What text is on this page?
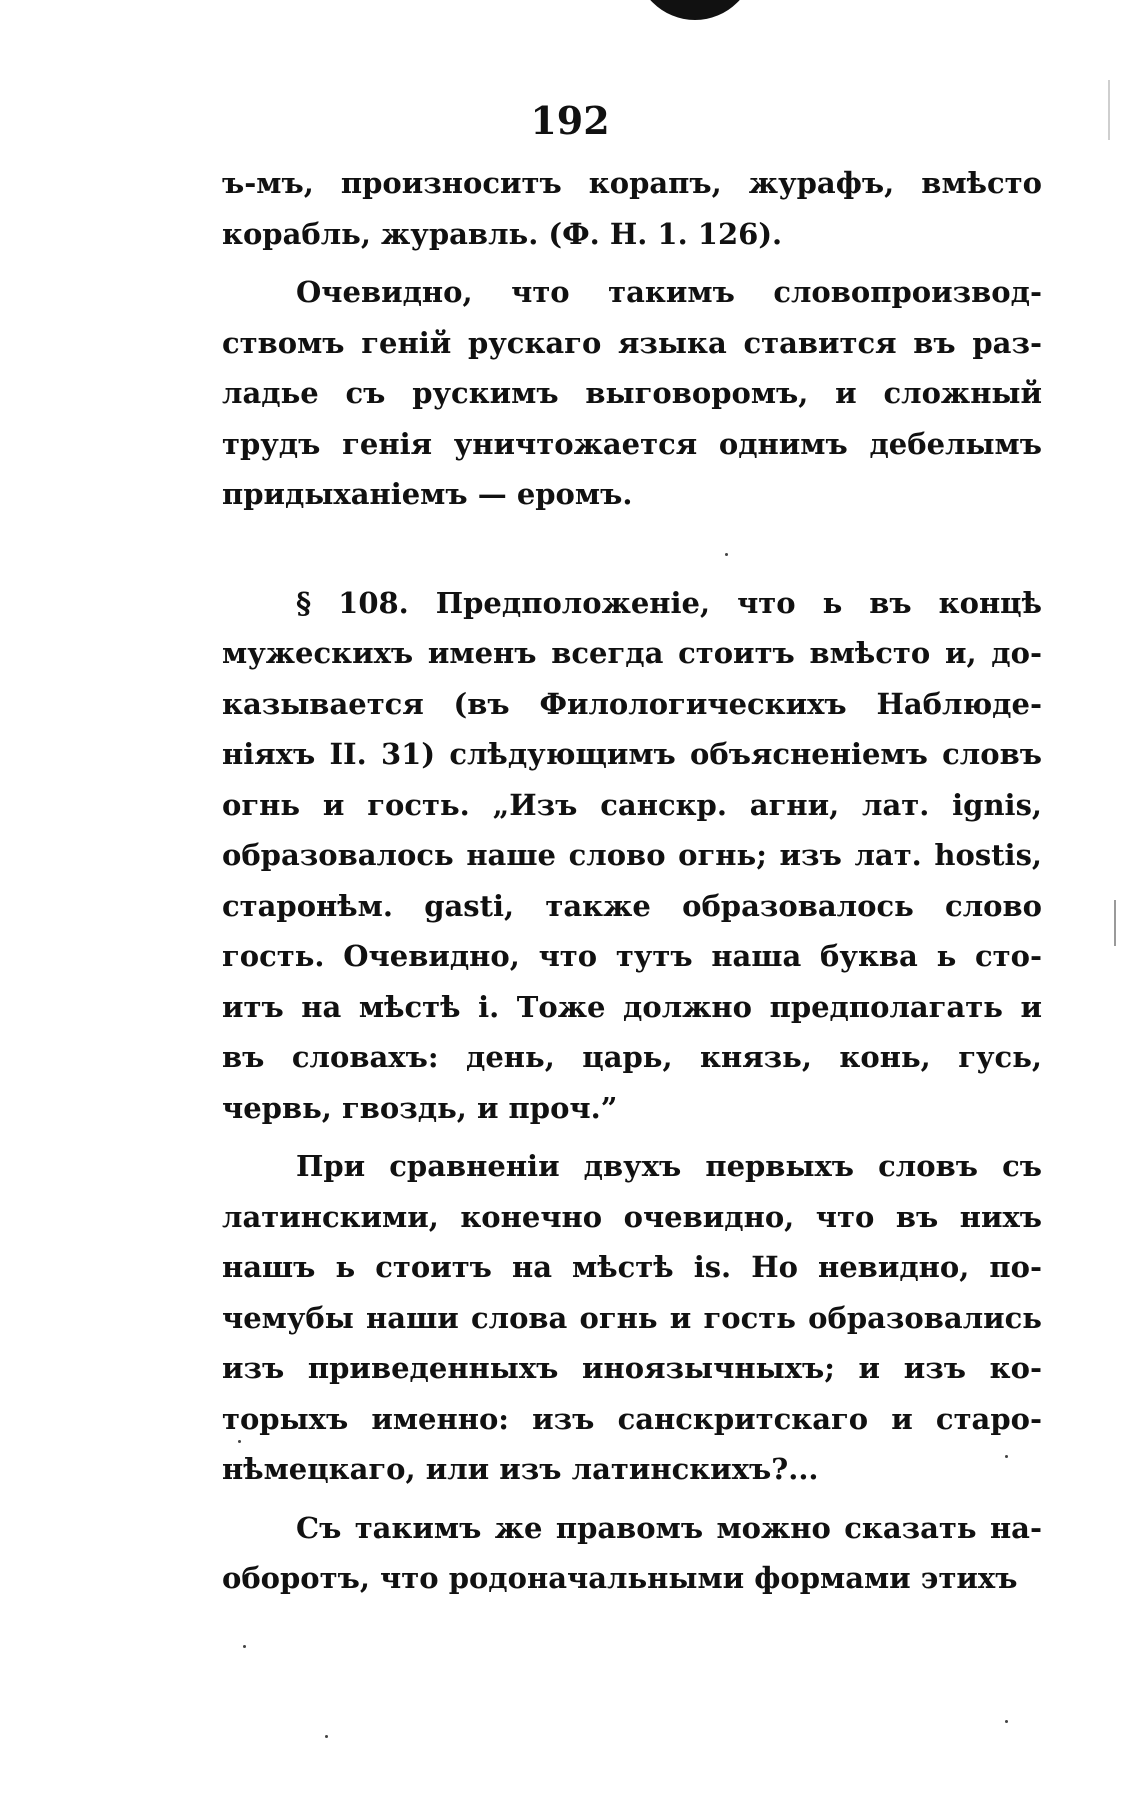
192
ъ-мъ, произноситъ корапъ, журафъ, вмѣсто
корабль, журавль. (Ф. Н. 1. 126).
Очевидно, что такимъ словопроизвод-
ствомъ генiй рускаго языка ставится въ раз-
ладье съ рускимъ выговоромъ, и сложный
трудъ генiя уничтожается однимъ дебелымъ
придыханiемъ — еромъ.
§ 108. Предположенiе, что ь въ концѣ
мужескихъ именъ всегда стоитъ вмѣсто и, до-
казывается (въ Филологическихъ Наблюде-
нiяхъ II. 31) слѣдующимъ объясненiемъ словъ
огнь и гость. „Изъ санскр. агни, лат. ignis,
образовалось наше слово огнь; изъ лат. hostis,
старонѣм. gasti, также образовалось слово
гость. Очевидно, что тутъ наша буква ь сто-
итъ на мѣстѣ i. Тоже должно предполагать и
въ словахъ: день, царь, князь, конь, гусь,
червь, гвоздь, и проч.”
При сравненiи двухъ первыхъ словъ съ
латинскими, конечно очевидно, что въ нихъ
нашъ ь стоитъ на мѣстѣ is. Но невидно, по-
чемубы наши слова огнь и гость образовались
изъ приведенныхъ иноязычныхъ; и изъ ко-
торыхъ именно: изъ санскритскаго и старо-
нѣмецкаго, или изъ латинскихъ?...
Съ такимъ же правомъ можно сказать на-
оборотъ, что родоначальными формами этихъ
